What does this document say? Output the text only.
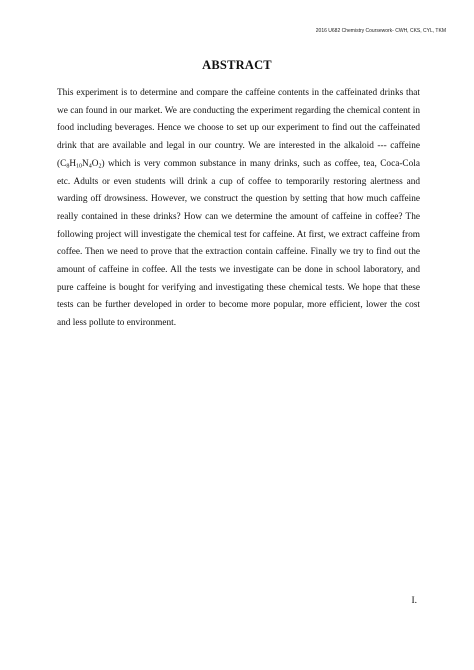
2016 U682 Chemistry Coursework- CWH, CKS, CYL, TKM
ABSTRACT

This experiment is to determine and compare the caffeine contents in the caffeinated drinks that we can found in our market. We are conducting the experiment regarding the chemical content in food including beverages. Hence we choose to set up our experiment to find out the caffeinated drink that are available and legal in our country. We are interested in the alkaloid --- caffeine $(C_8H_{10}N_4O_2)$ which is very common substance in many drinks, such as coffee, tea, Coca-Cola etc. Adults or even students will drink a cup of coffee to temporarily restoring alertness and warding off drowsiness. However, we construct the question by setting that how much caffeine really contained in these drinks? How can we determine the amount of caffeine in coffee? The following project will investigate the chemical test for caffeine. At first, we extract caffeine from coffee. Then we need to prove that the extraction contain caffeine. Finally we try to find out the amount of caffeine in coffee. All the tests we investigate can be done in school laboratory, and pure caffeine is bought for verifying and investigating these chemical tests. We hope that these tests can be further developed in order to become more popular, more efficient, lower the cost and less pollute to environment.

I.
